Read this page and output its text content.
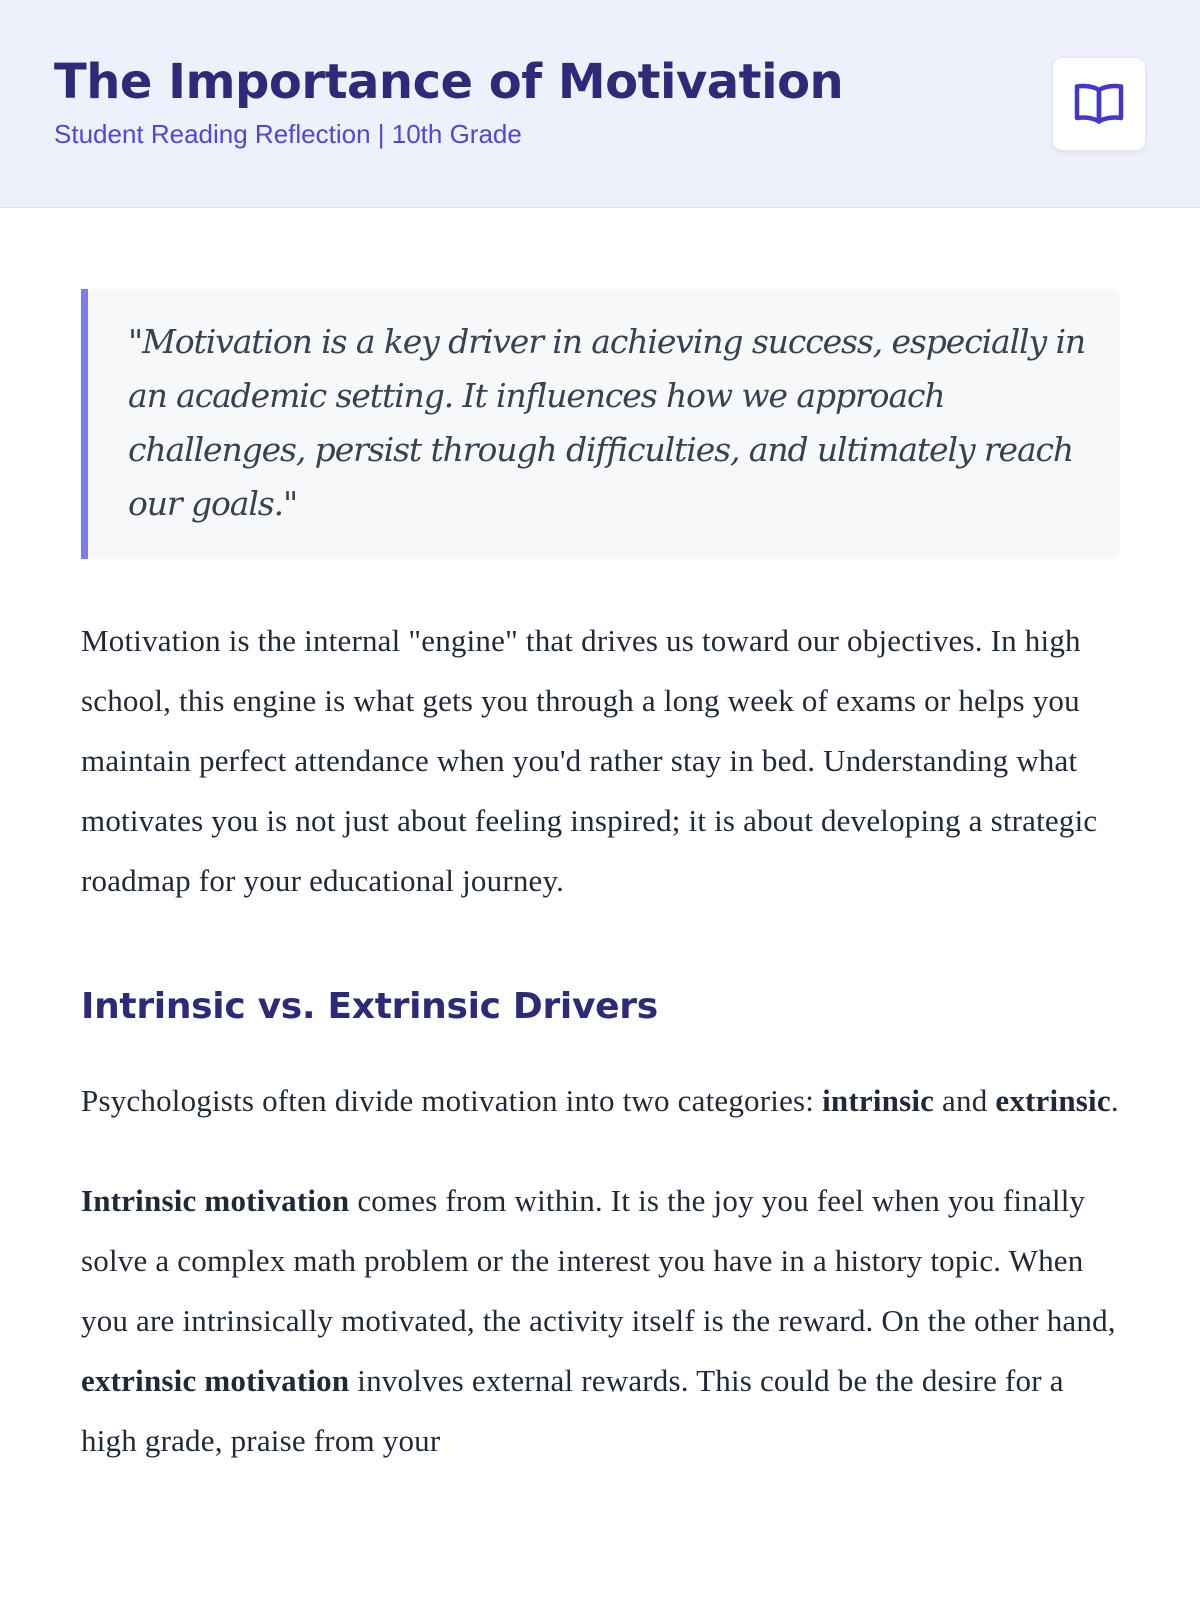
The Importance of Motivation
Student Reading Reflection | 10th Grade

"Motivation is a key driver in achieving success, especially in an academic setting. It influences how we approach challenges, persist through difficulties, and ultimately reach our goals."

Motivation is the internal "engine" that drives us toward our objectives. In high school, this engine is what gets you through a long week of exams or helps you maintain perfect attendance when you'd rather stay in bed. Understanding what motivates you is not just about feeling inspired; it is about developing a strategic roadmap for your educational journey.

Intrinsic vs. Extrinsic Drivers

Psychologists often divide motivation into two categories: intrinsic and extrinsic.

Intrinsic motivation comes from within. It is the joy you feel when you finally solve a complex math problem or the interest you have in a history topic. When you are intrinsically motivated, the activity itself is the reward. On the other hand, extrinsic motivation involves external rewards. This could be the desire for a high grade, praise from your
